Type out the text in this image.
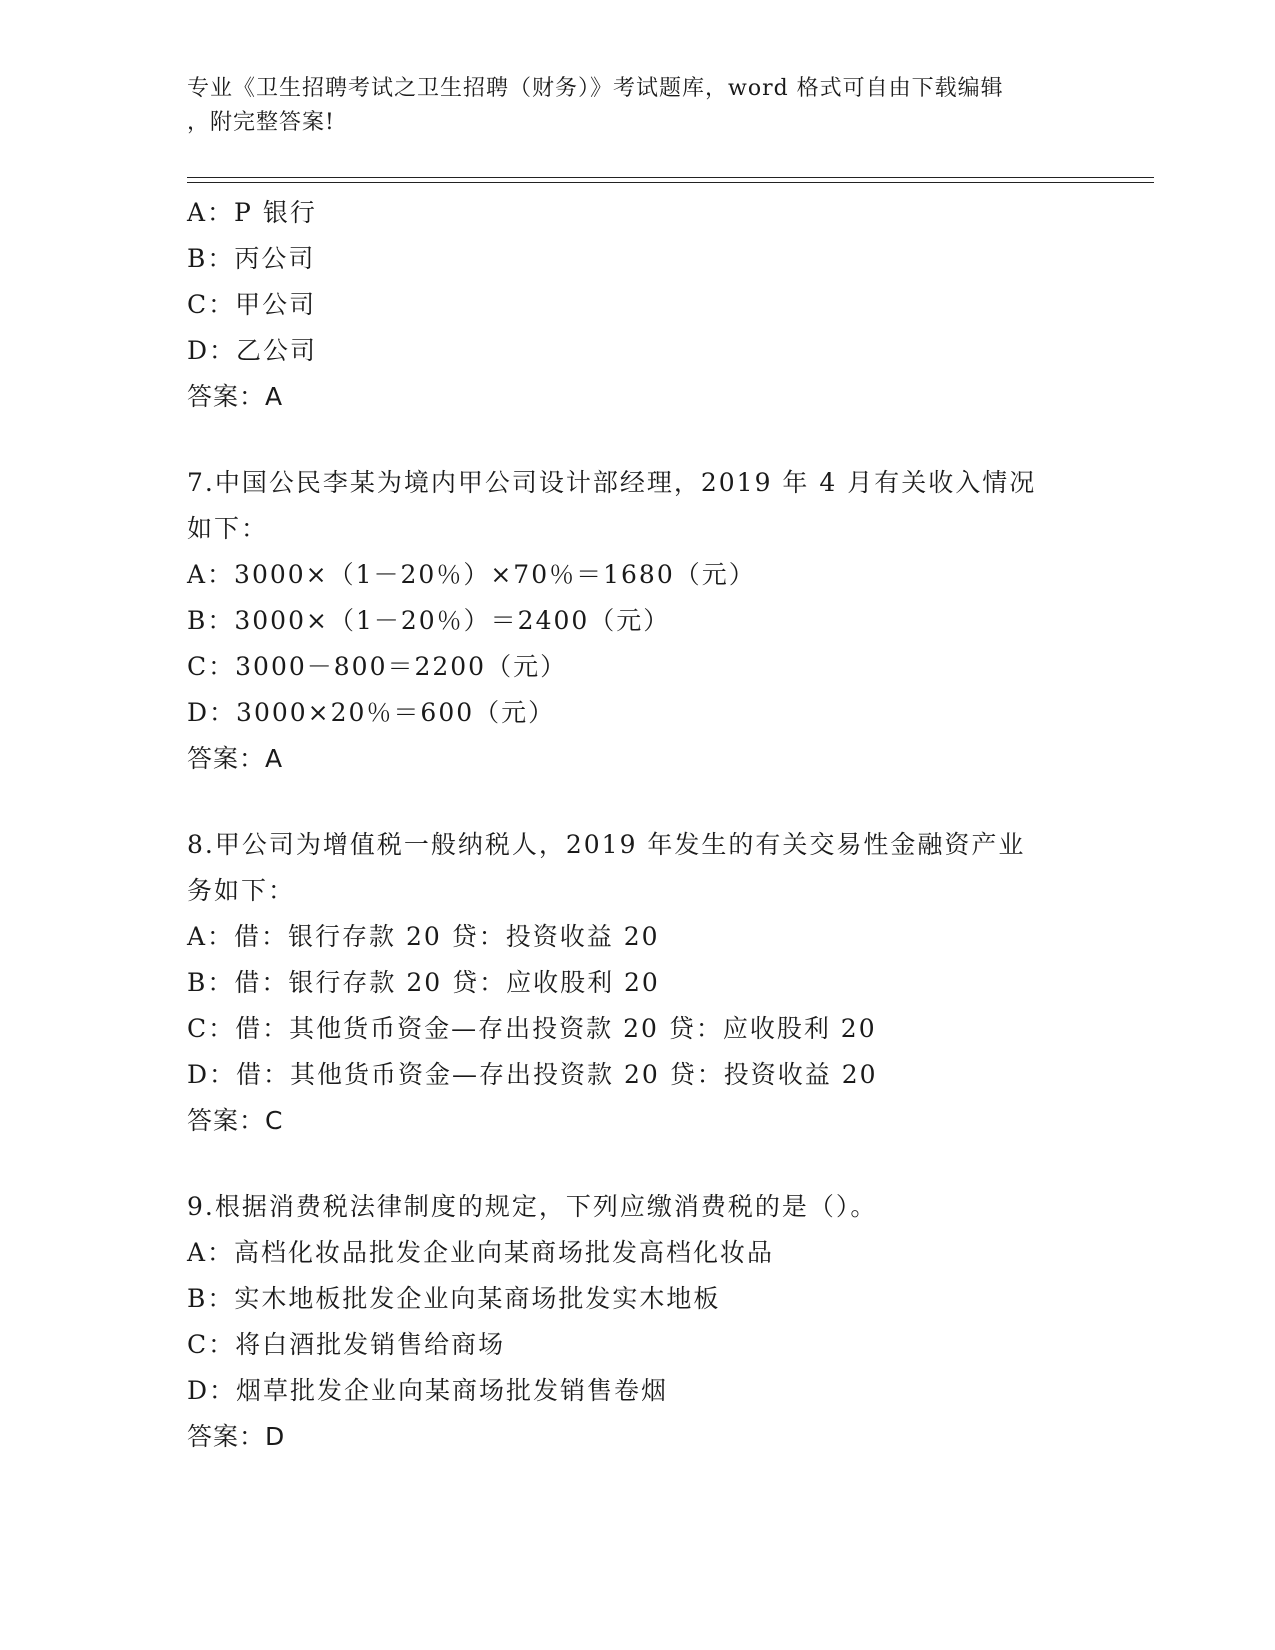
专业《卫生招聘考试之卫生招聘（财务）》考试题库，word 格式可自由下载编辑
，附完整答案!
A：P 银行
B：丙公司
C：甲公司
D：乙公司
答案：A
7.中国公民李某为境内甲公司设计部经理，2019 年 4 月有关收入情况
如下：
A：3000×（1－20％）×70％＝1680（元）
B：3000×（1－20％）＝2400（元）
C：3000－800＝2200（元）
D：3000×20％＝600（元）
答案：A
8.甲公司为增值税一般纳税人，2019 年发生的有关交易性金融资产业
务如下：
A：借：银行存款 20 贷：投资收益 20
B：借：银行存款 20 贷：应收股利 20
C：借：其他货币资金—存出投资款 20 贷：应收股利 20
D：借：其他货币资金—存出投资款 20 贷：投资收益 20
答案：C
9.根据消费税法律制度的规定，下列应缴消费税的是（）。
A：高档化妆品批发企业向某商场批发高档化妆品
B：实木地板批发企业向某商场批发实木地板
C：将白酒批发销售给商场
D：烟草批发企业向某商场批发销售卷烟
答案：D
